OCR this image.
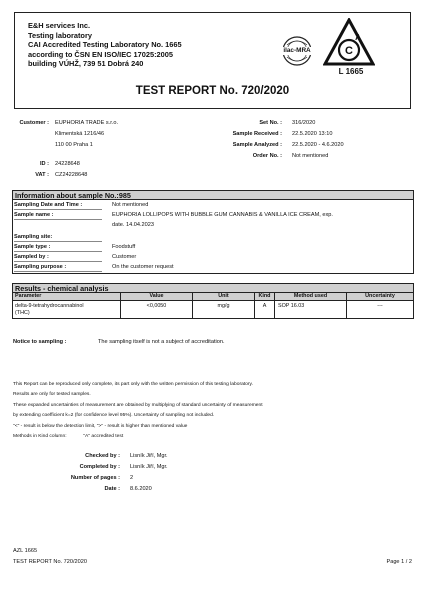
E&H services Inc.
Testing laboratory
CAI Accredited Testing Laboratory No. 1665
according to ČSN EN ISO/IEC 17025:2005
building VÚHŽ, 739 51 Dobrá 240
ilac-MRA	C
A
L 1665
TEST REPORT No. 720/2020
Customer : EUPHORIA TRADE s.r.o.
Klimentská 1216/46
110 00 Praha 1
ID : 24228648
VAT : CZ24228648
Set No. : 316/2020
Sample Received : 22.5.2020 13:10
Sample Analyzed : 22.5.2020 - 4.6.2020
Order No. : Not mentioned
Information about sample No.:985
Sampling Date and Time :	Not mentioned
Sample name :	EUPHORIA LOLLIPOPS WITH BUBBLE GUM CANNABIS & VANILLA ICE CREAM, exp.
date. 14.04.2023
Sampling site:
Sample type :	Foodstuff
Sampled by :	Customer
Sampling purpose :	On the customer request
Results - chemical analysis
Parameter	Value	Unit	Kind	Method used	Uncertainty
delta-9-tetrahydrocannabinol
(THC)
<0,0050	mg/g	A	SOP 16.03	---
Notice to sampling :	The sampling itself is not a subject of accreditation.
This Report can be reproduced only complete, its part only with the written permission of this testing laboratory.
Results are only for tested samples.
These expanded uncertainties of measurement are obtained by multiplying of standard uncertainty of measurement
by extending coefficient k=2 (for confidence level 95%). Uncertainty of sampling not included.
"<" - result is below the detection limit, ">" - result is higher than mentioned value
Methods in Kind column:	"A" accredited test
Checked by : Lisník Jiří, Mgr.
Completed by : Lisník Jiří, Mgr.
Number of pages : 2
Date : 8.6.2020
AZL 1665
TEST REPORT No. 720/2020	Page 1 / 2
